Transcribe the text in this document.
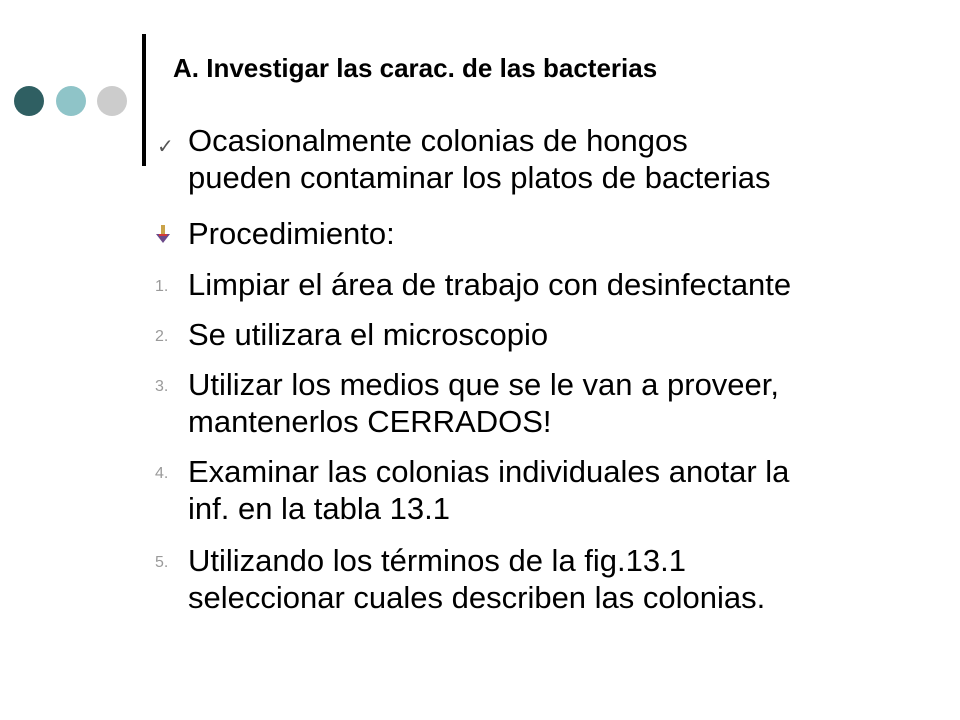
A. Investigar las carac. de las bacterias
✓ Ocasionalmente colonias de hongos
pueden contaminar los platos de bacterias
Procedimiento:
1. Limpiar el área de trabajo con desinfectante
2. Se utilizara el microscopio
3. Utilizar los medios que se le van a proveer,
mantenerlos CERRADOS!
4. Examinar las colonias individuales anotar la
inf. en la tabla 13.1
5. Utilizando los términos de la fig.13.1
seleccionar cuales describen las colonias.
